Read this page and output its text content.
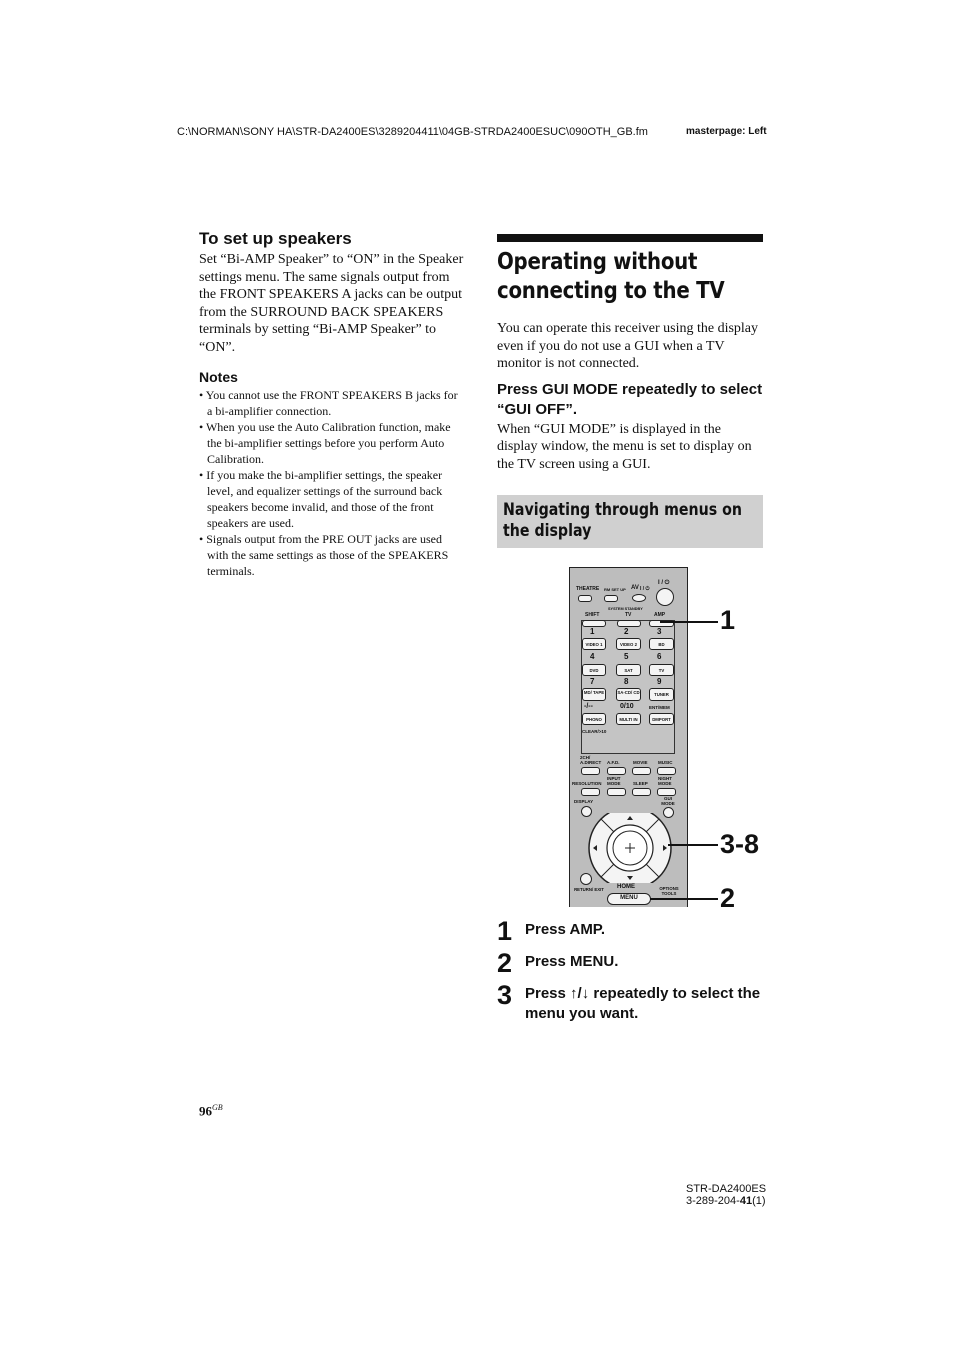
C:\NORMAN\SONY HA\STR-DA2400ES\3289204411\04GB-STRDA2400ESUC\090OTH_GB.fm	masterpage: Left
To set up speakers

Set “Bi-AMP Speaker” to “ON” in the Speaker settings menu. The same signals output from the FRONT SPEAKERS A jacks can be output from the SURROUND BACK SPEAKERS terminals by setting “Bi-AMP Speaker” to “ON”.

Notes
• You cannot use the FRONT SPEAKERS B jacks for a bi-amplifier connection.
• When you use the Auto Calibration function, make the bi-amplifier settings before you perform Auto Calibration.
• If you make the bi-amplifier settings, the speaker level, and equalizer settings of the surround back speakers become invalid, and those of the front speakers are used.
• Signals output from the PRE OUT jacks are used with the same settings as those of the SPEAKERS terminals.
Operating without connecting to the TV

You can operate this receiver using the display even if you do not use a GUI when a TV monitor is not connected.

Press GUI MODE repeatedly to select “GUI OFF”.

When “GUI MODE” is displayed in the display window, the menu is set to display on the TV screen using a GUI.

Navigating through menus on the display
THEATRE RM SET UP AV I / ⏻
I / ⏻
SYSTEM STANDBY
SHIFT	TV	AMP
1	2	3
VIDEO 1	VIDEO 2	BD
4	5	6
DVD	SAT	TV
7	8	9
MD/ TAPE	SA-CD/ CD	TUNER
-/--	0/10	ENT/MEM
PHONO	MULTI IN	DMPORT
CLEAR/>10
2CH/ A.DIRECT	A.F.D.	MOVIE MUSIC
RESOLUTION
INPUT MODE	SLEEP
NIGHT MODE
DISPLAY
GUI MODE
RETURN/ EXIT HOME	OPTIONS TOOLS
MENU
1
3-8
2
1 Press AMP.
2 Press MENU.
3 Press ↑/↓ repeatedly to select the menu you want.
$96^{GB}$
STR-DA2400ES
3-289-204-41(1)
